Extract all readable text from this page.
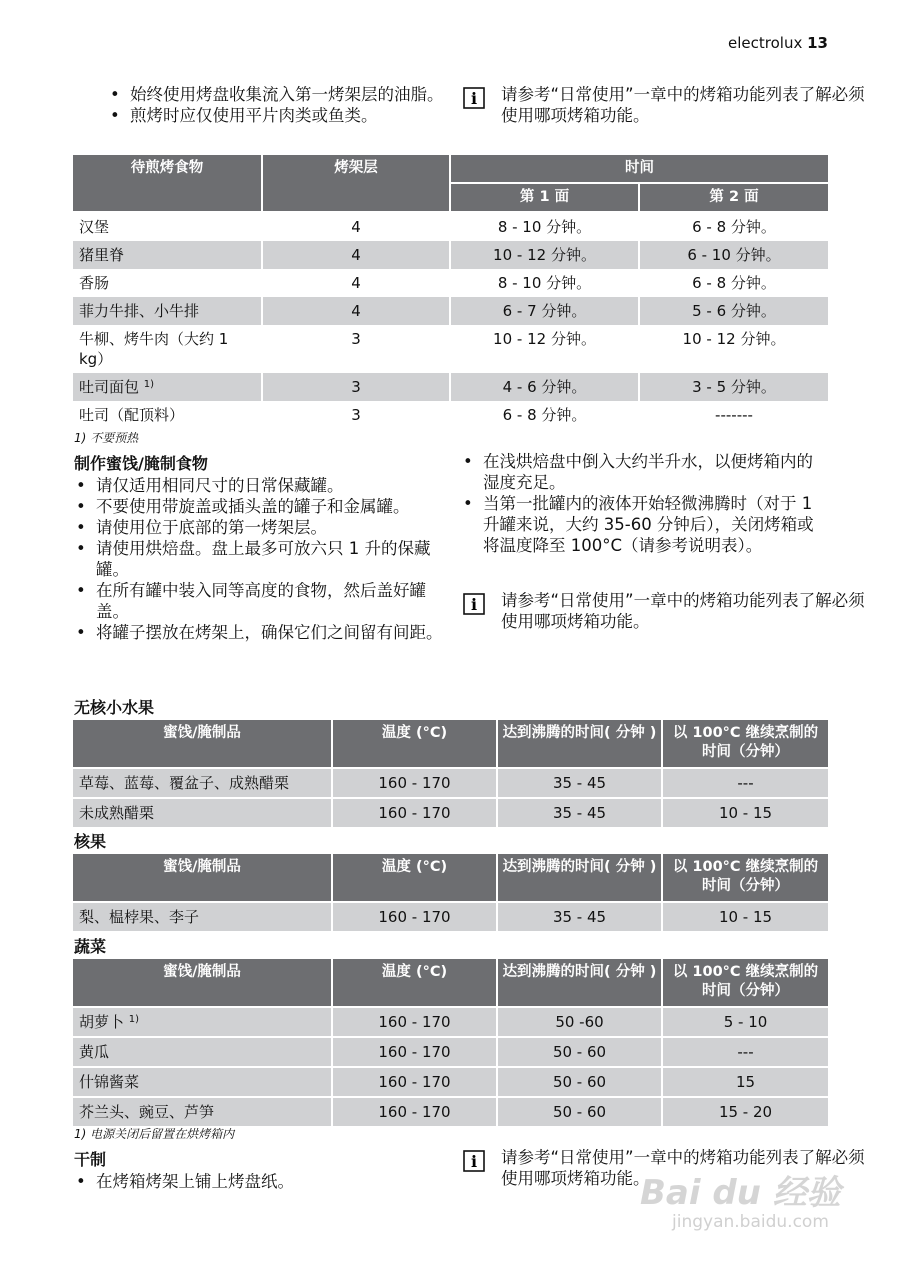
electrolux 13
• 始终使用烤盘收集流入第一烤架层的油脂。
• 煎烤时应仅使用平片肉类或鱼类。
i 请参考“日常使用”一章中的烤箱功能列表了解必须使用哪项烤箱功能。
待煎烤食物	烤架层	时间	
		第 1 面	第 2 面
汉堡	4	8 - 10 分钟。	6 - 8 分钟。
猪里脊	4	10 - 12 分钟。	6 - 10 分钟。
香肠	4	8 - 10 分钟。	6 - 8 分钟。
菲力牛排、小牛排	4	6 - 7 分钟。	5 - 6 分钟。
牛柳、烤牛肉（大约 1 kg）	3	10 - 12 分钟。	10 - 12 分钟。
吐司面包 $^{1)}$	3	4 - 6 分钟。	3 - 5 分钟。
吐司（配顶料）	3	6 - 8 分钟。	-------
1) 不要预热
制作蜜饯/腌制食物
• 请仅适用相同尺寸的日常保藏罐。
• 不要使用带旋盖或插头盖的罐子和金属罐。
• 请使用位于底部的第一烤架层。
• 请使用烘焙盘。盘上最多可放六只 1 升的保藏罐。
• 在所有罐中装入同等高度的食物，然后盖好罐盖。
• 将罐子摆放在烤架上，确保它们之间留有间距。
• 在浅烘焙盘中倒入大约半升水，以便烤箱内的湿度充足。
• 当第一批罐内的液体开始轻微沸腾时（对于 1 升罐来说，大约 35-60 分钟后），关闭烤箱或将温度降至 100°C（请参考说明表）。
i 请参考“日常使用”一章中的烤箱功能列表了解必须使用哪项烤箱功能。
无核小水果
蜜饯/腌制品	温度 (°C)	达到沸腾的时间( 分钟 )	以 100°C 继续烹制的时间（分钟）
草莓、蓝莓、覆盆子、成熟醋栗	160 - 170	35 - 45	---
未成熟醋栗	160 - 170	35 - 45	10 - 15
核果
蜜饯/腌制品	温度 (°C)	达到沸腾的时间( 分钟 )	以 100°C 继续烹制的时间（分钟）
梨、榅桲果、李子	160 - 170	35 - 45	10 - 15
蔬菜
蜜饯/腌制品	温度 (°C)	达到沸腾的时间( 分钟 )	以 100°C 继续烹制的时间（分钟）
胡萝卜 $^{1)}$	160 - 170	50 -60	5 - 10
黄瓜	160 - 170	50 - 60	---
什锦酱菜	160 - 170	50 - 60	15
芥兰头、豌豆、芦笋	160 - 170	50 - 60	15 - 20
1) 电源关闭后留置在烘烤箱内
干制
• 在烤箱烤架上铺上烤盘纸。
i 请参考“日常使用”一章中的烤箱功能列表了解必须使用哪项烤箱功能。
Bai du 经验
jingyan.baidu.com
